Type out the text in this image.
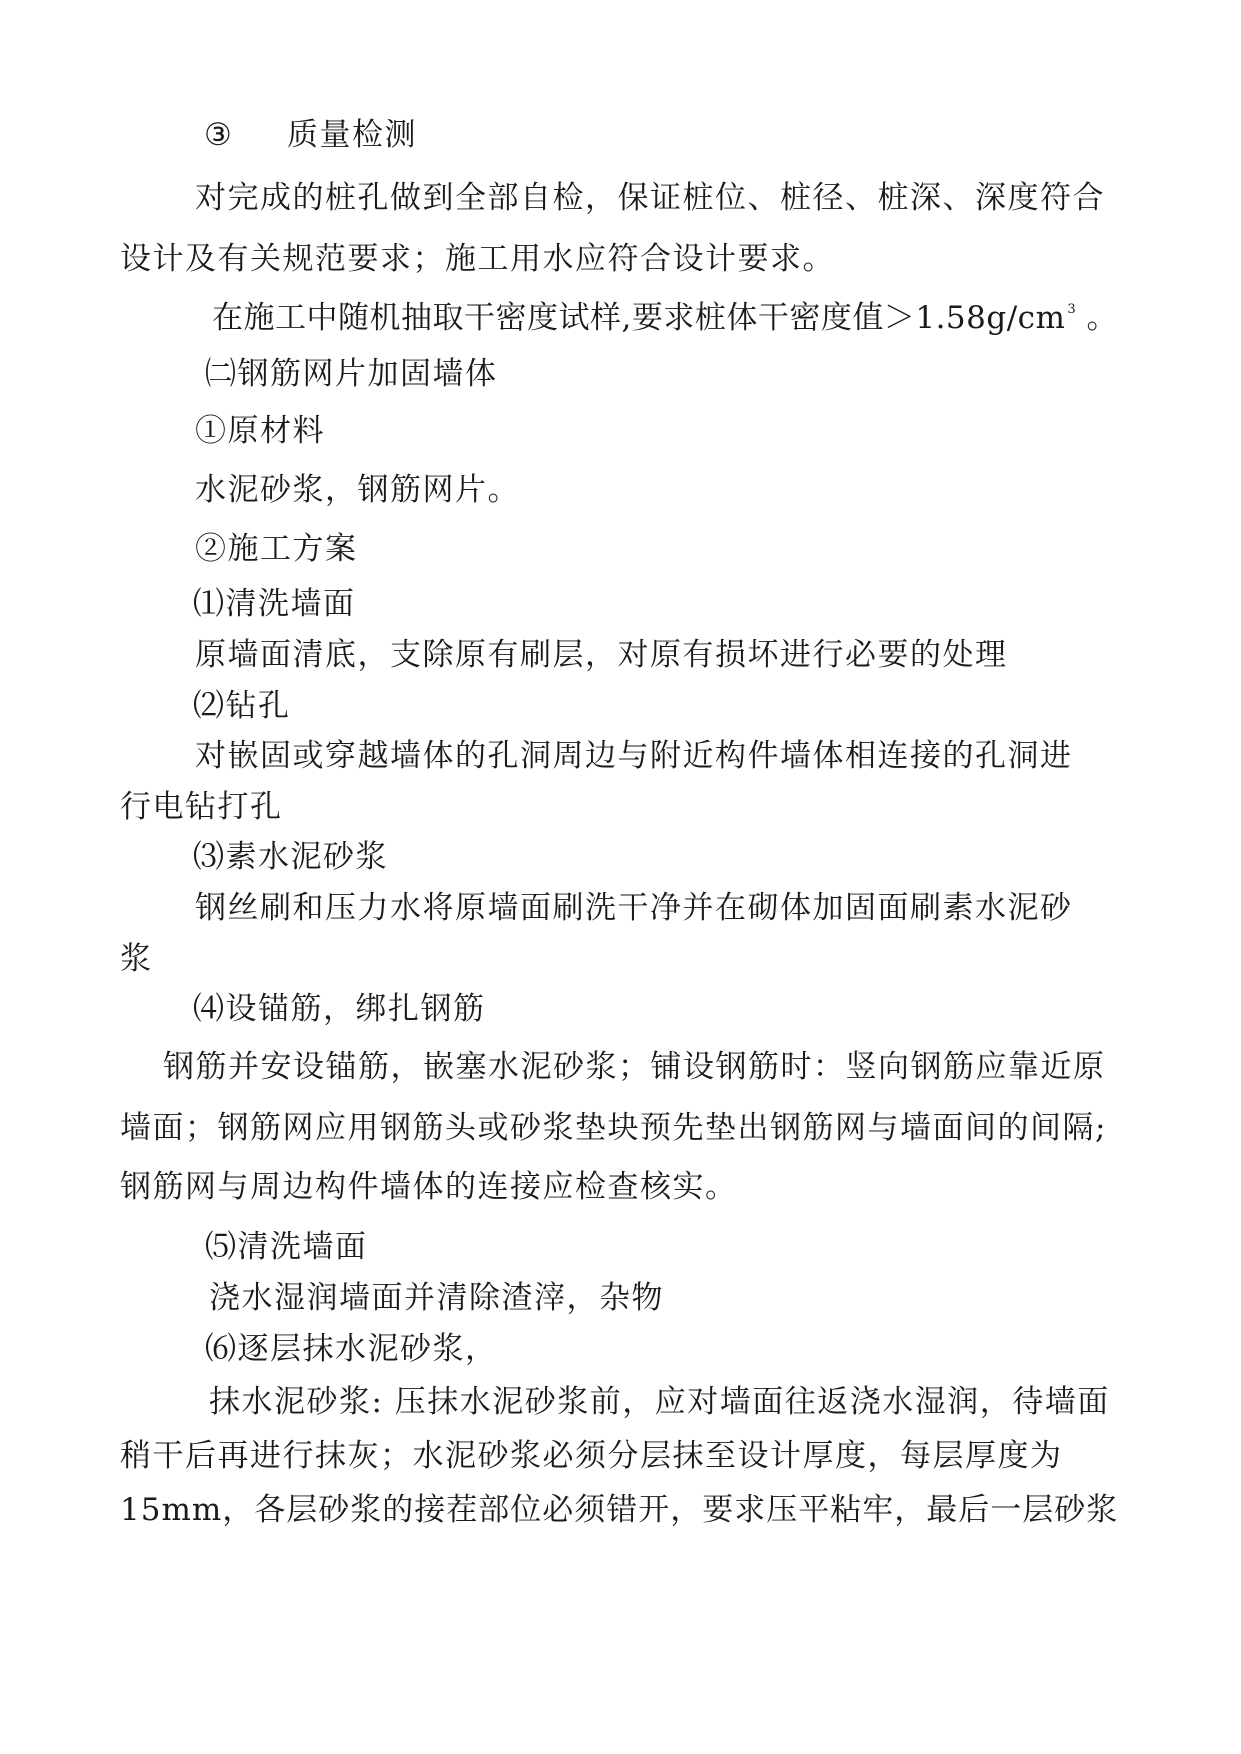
③ 质量检测
对完成的桩孔做到全部自检，保证桩位、桩径、桩深、深度符合
设计及有关规范要求；施工用水应符合设计要求。
在施工中随机抽取干密度试样,要求桩体干密度值＞1.58g/cm $^3$ 。
㈡钢筋网片加固墙体
①原材料
水泥砂浆，钢筋网片。
②施工方案
⑴清洗墙面
原墙面清底，支除原有刷层，对原有损坏进行必要的处理
⑵钻孔
对嵌固或穿越墙体的孔洞周边与附近构件墙体相连接的孔洞进
行电钻打孔
⑶素水泥砂浆
钢丝刷和压力水将原墙面刷洗干净并在砌体加固面刷素水泥砂
浆
⑷设锚筋，绑扎钢筋
钢筋并安设锚筋，嵌塞水泥砂浆；铺设钢筋时：竖向钢筋应靠近原
墙面；钢筋网应用钢筋头或砂浆垫块预先垫出钢筋网与墙面间的间隔;
钢筋网与周边构件墙体的连接应检查核实。
⑸清洗墙面
浇水湿润墙面并清除渣滓，杂物
⑹逐层抹水泥砂浆，
抹水泥砂浆: 压抹水泥砂浆前，应对墙面往返浇水湿润，待墙面
稍干后再进行抹灰；水泥砂浆必须分层抹至设计厚度，每层厚度为
15mm，各层砂浆的接茬部位必须错开，要求压平粘牢，最后一层砂浆
